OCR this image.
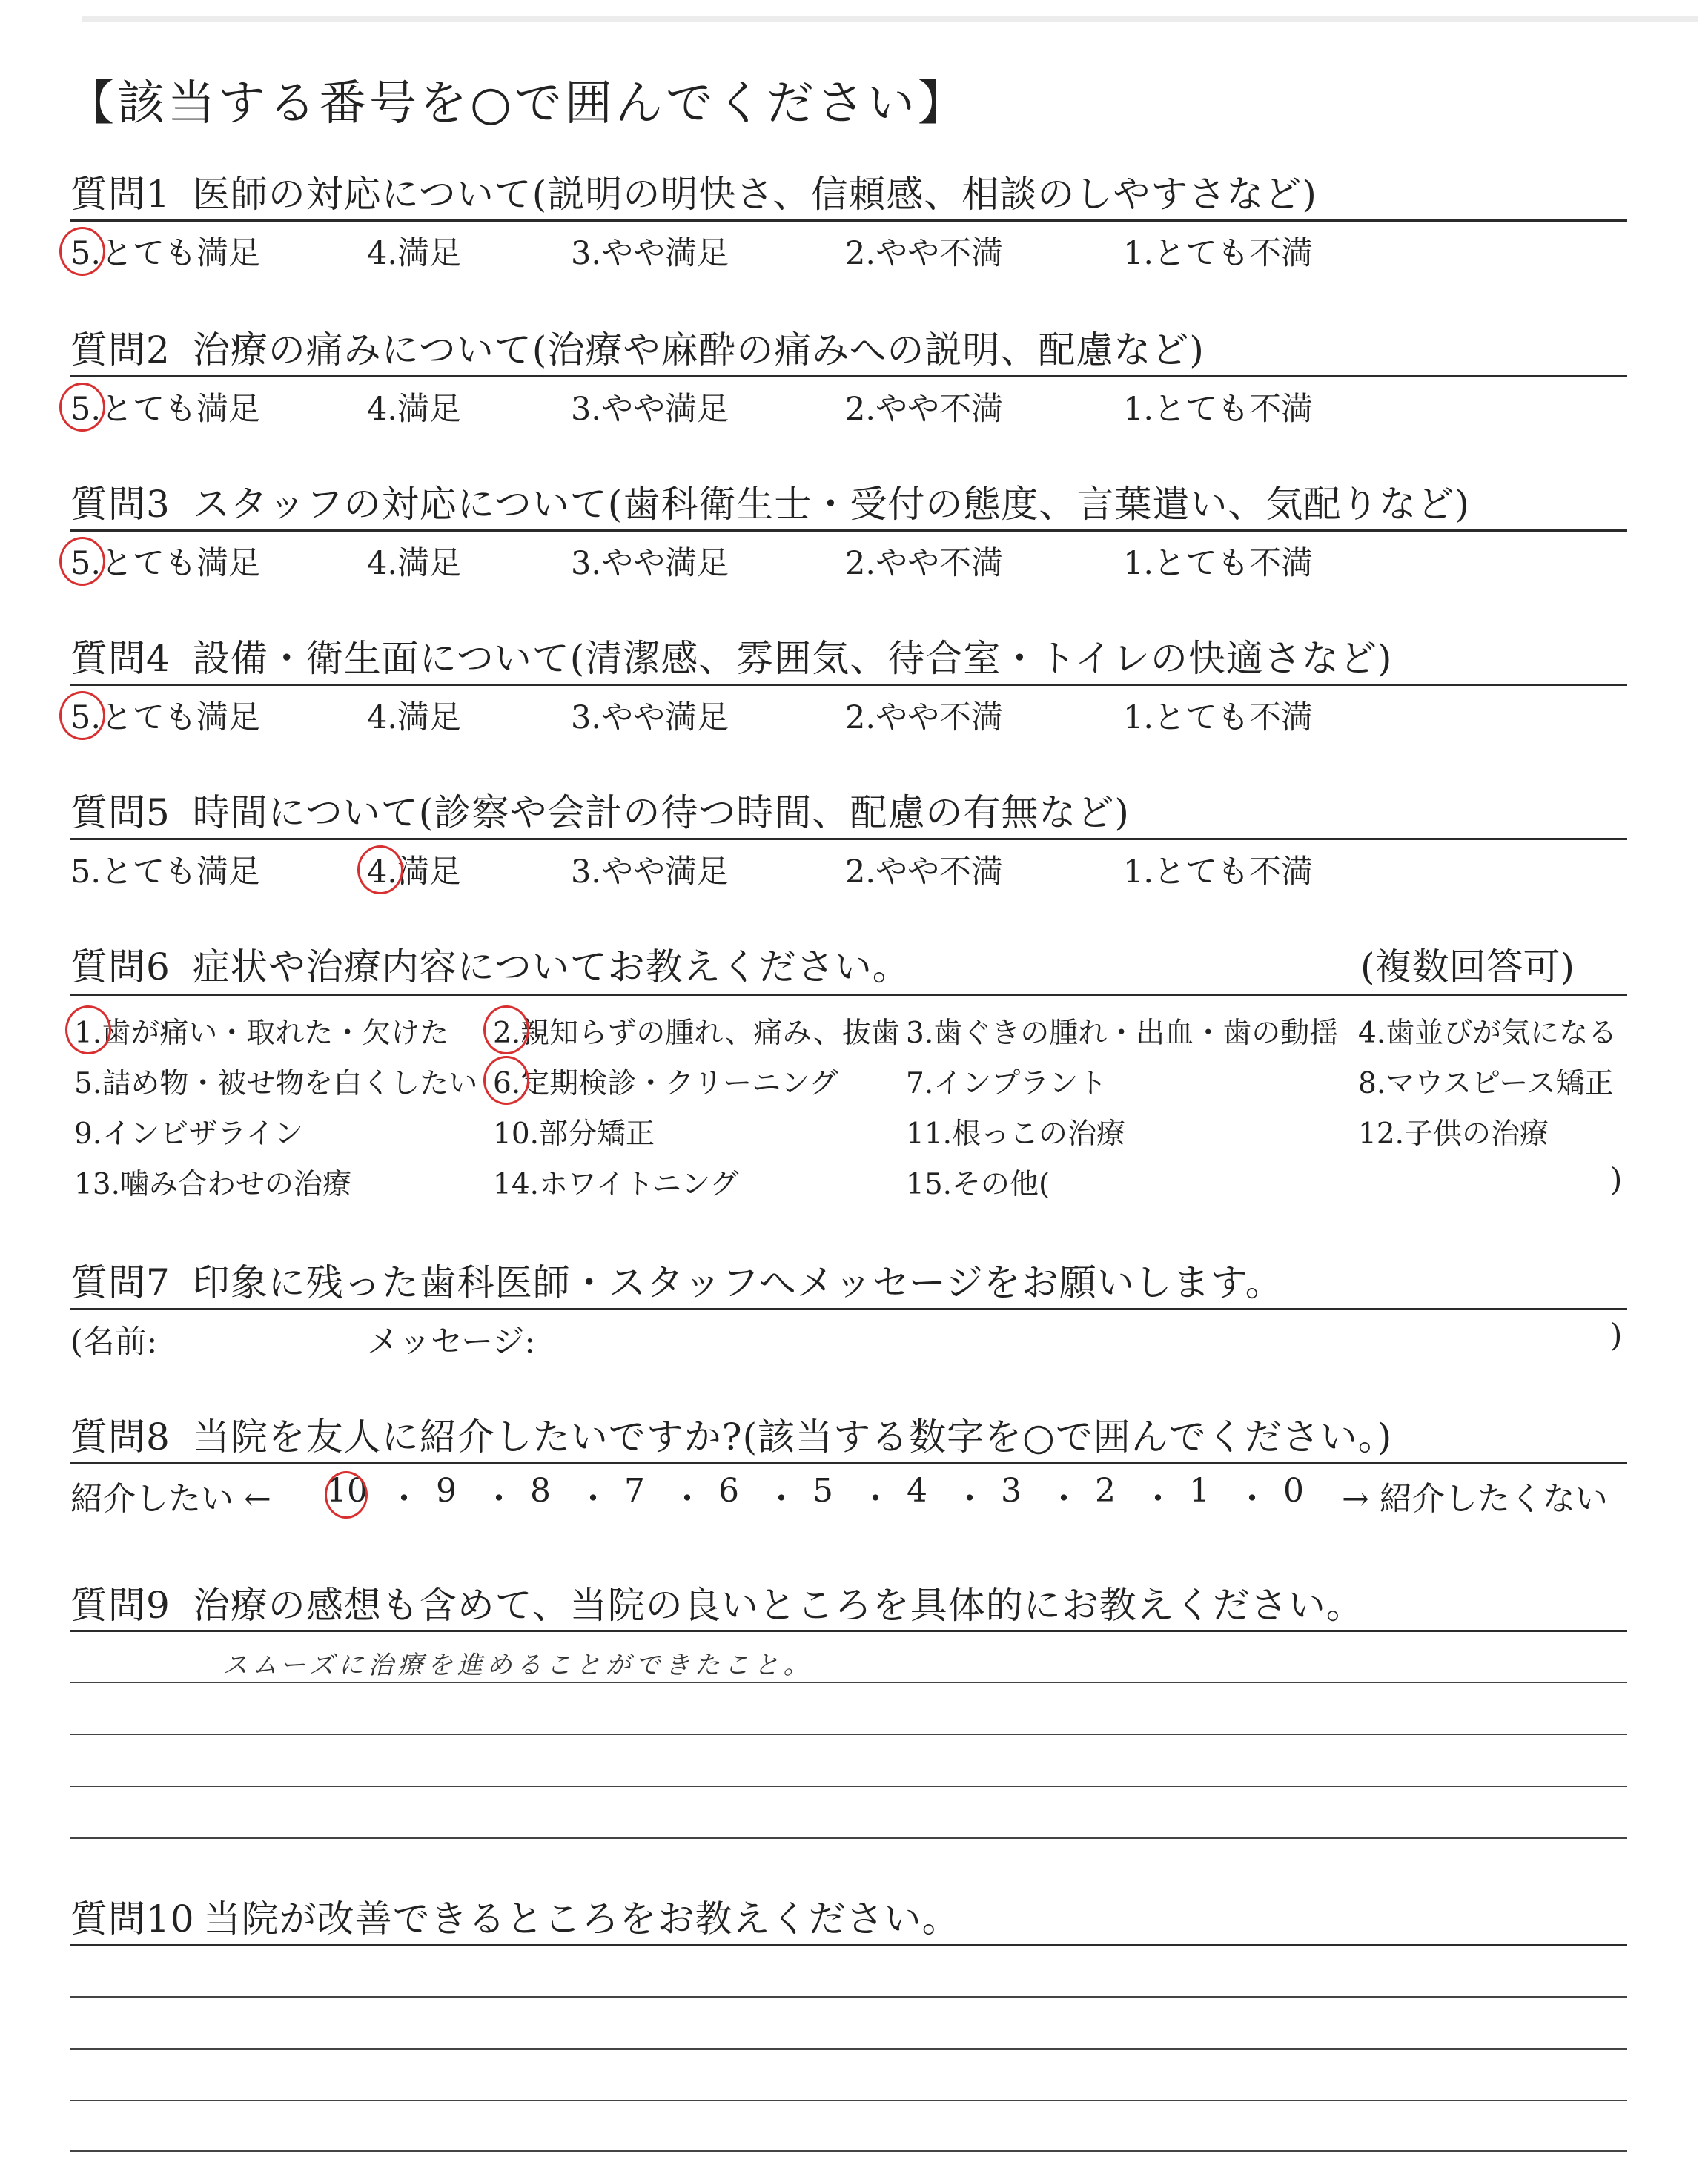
【該当する番号を○で囲んでください】
質問1 医師の対応について(説明の明快さ、信頼感、相談のしやすさなど)
5.とても満足	4.満足	3.やや満足	2.やや不満	1.とても不満
質問2 治療の痛みについて(治療や麻酔の痛みへの説明、配慮など)
5.とても満足	4.満足	3.やや満足	2.やや不満	1.とても不満
質問3 スタッフの対応について(歯科衛生士・受付の態度、言葉遣い、気配りなど)
5.とても満足	4.満足	3.やや満足	2.やや不満	1.とても不満
質問4 設備・衛生面について(清潔感、雰囲気、待合室・トイレの快適さなど)
5.とても満足	4.満足	3.やや満足	2.やや不満	1.とても不満
質問5 時間について(診察や会計の待つ時間、配慮の有無など)
5.とても満足	4.満足	3.やや満足	2.やや不満	1.とても不満
質問6 症状や治療内容についてお教えください。	(複数回答可)
1.歯が痛い・取れた・欠けた 2.親知らずの腫れ、痛み、抜歯 3.歯ぐきの腫れ・出血・歯の動揺 4.歯並びが気になる
5.詰め物・被せ物を白くしたい 6.定期検診・クリーニング 7.インプラント	8.マウスピース矯正
9.インビザライン	10.部分矯正	11.根っこの治療	12.子供の治療
13.噛み合わせの治療	14.ホワイトニング	15.その他(	)
質問7 印象に残った歯科医師・スタッフへメッセージをお願いします。
(名前:	メッセージ:	)
質問8 当院を友人に紹介したいですか?(該当する数字を○で囲んでください。)
紹介したい ← 10 ・ 9 ・ 8 ・ 7 ・ 6 ・ 5 ・ 4 ・ 3 ・ 2 ・ 1 ・ 0 → 紹介したくない
質問9 治療の感想も含めて、当院の良いところを具体的にお教えください。
スムーズに治療を進めることができたこと。
質問10 当院が改善できるところをお教えください。
